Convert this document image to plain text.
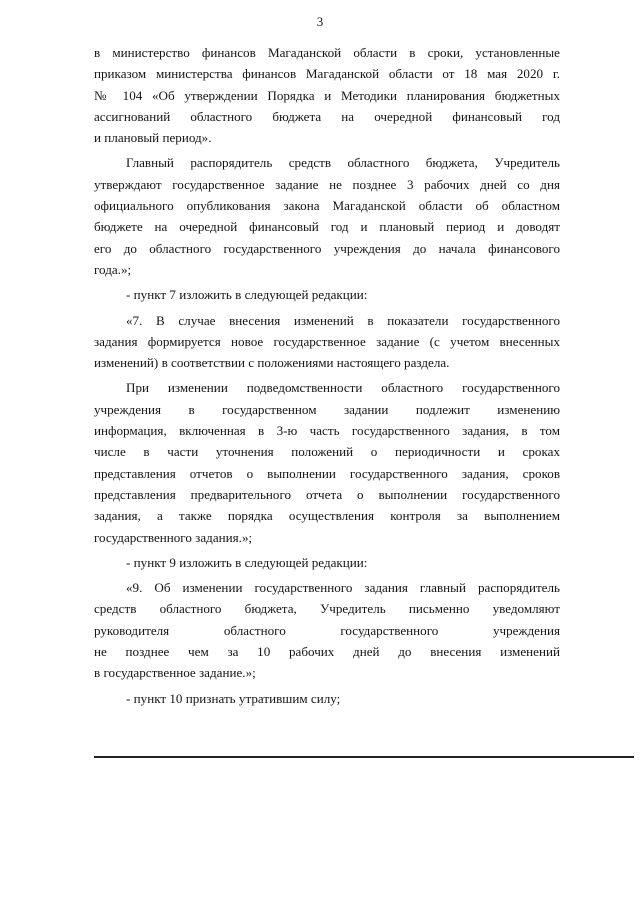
3

в министерство финансов Магаданской области в сроки, установленные
приказом министерства финансов Магаданской области от 18 мая 2020 г.
№ 104 «Об утверждении Порядка и Методики планирования бюджетных
ассигнований областного бюджета на очередной финансовый год
и плановый период».

Главный распорядитель средств областного бюджета, Учредитель
утверждают государственное задание не позднее 3 рабочих дней со дня
официального опубликования закона Магаданской области об областном
бюджете на очередной финансовый год и плановый период и доводят
его до областного государственного учреждения до начала финансового
года.»;

- пункт 7 изложить в следующей редакции:

«7. В случае внесения изменений в показатели государственного
задания формируется новое государственное задание (с учетом внесенных
изменений) в соответствии с положениями настоящего раздела.

При изменении подведомственности областного государственного
учреждения в государственном задании подлежит изменению
информация, включенная в 3-ю часть государственного задания, в том
числе в части уточнения положений о периодичности и сроках
представления отчетов о выполнении государственного задания, сроков
представления предварительного отчета о выполнении государственного
задания, а также порядка осуществления контроля за выполнением
государственного задания.»;

- пункт 9 изложить в следующей редакции:

«9. Об изменении государственного задания главный распорядитель
средств областного бюджета, Учредитель письменно уведомляют
руководителя областного государственного учреждения
не позднее чем за 10 рабочих дней до внесения изменений
в государственное задание.»;

- пункт 10 признать утратившим силу;
